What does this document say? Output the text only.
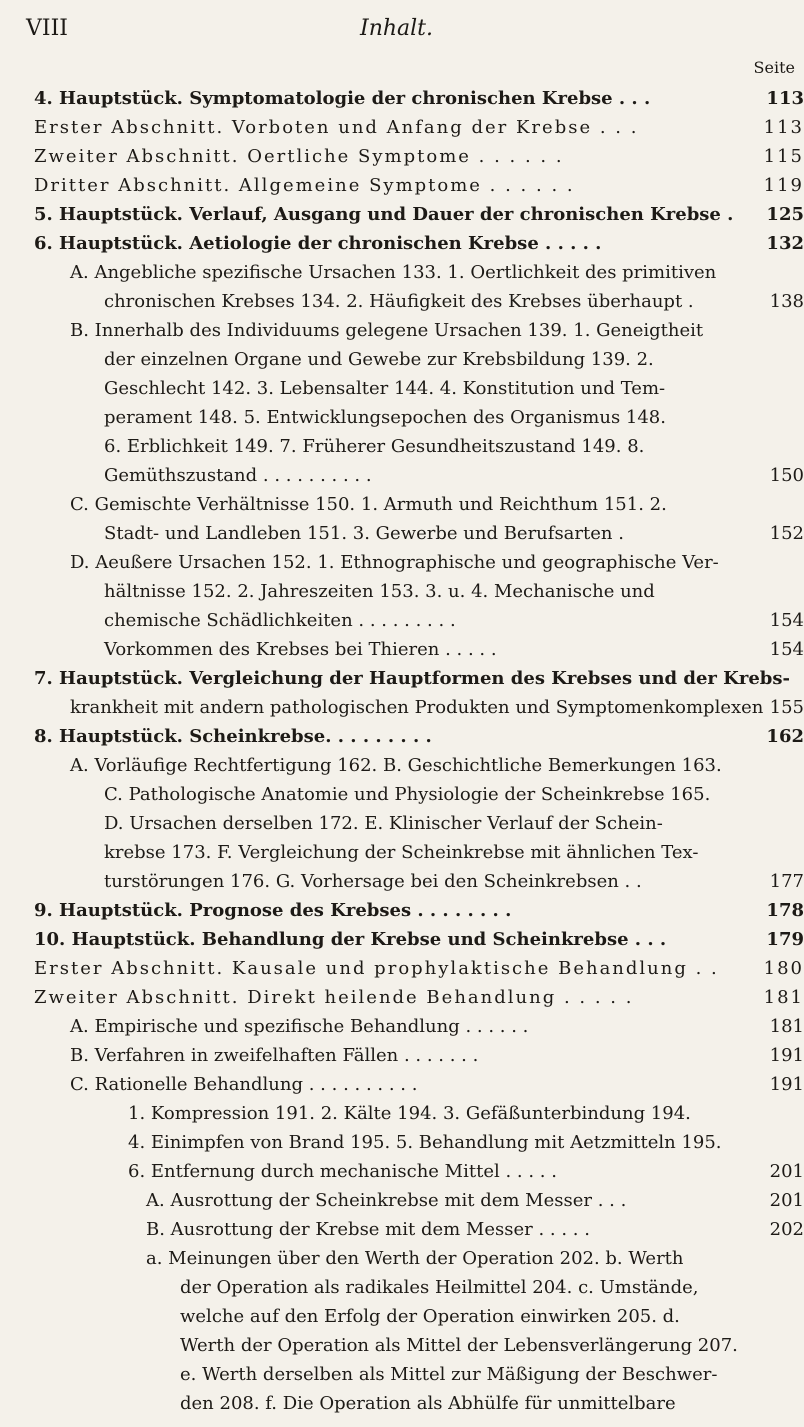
VIII	Inhalt.
Seite
4. Hauptstück. Symptomatologie der chronischen Krebse . . .	113
Erster Abschnitt. Vorboten und Anfang der Krebse . . .	113
Zweiter Abschnitt. Oertliche Symptome . . . . . .	115
Dritter Abschnitt. Allgemeine Symptome . . . . . .	119
5. Hauptstück. Verlauf, Ausgang und Dauer der chronischen Krebse .	125
6. Hauptstück. Aetiologie der chronischen Krebse . . . . .	132
A. Angebliche spezifische Ursachen 133. 1. Oertlichkeit des primitiven
chronischen Krebses 134. 2. Häufigkeit des Krebses überhaupt .	138
B. Innerhalb des Individuums gelegene Ursachen 139. 1. Geneigtheit
der einzelnen Organe und Gewebe zur Krebsbildung 139. 2.
Geschlecht 142. 3. Lebensalter 144. 4. Konstitution und Tem-
perament 148. 5. Entwicklungsepochen des Organismus 148.
6. Erblichkeit 149. 7. Früherer Gesundheitszustand 149. 8.
Gemüthszustand . . . . . . . . . .	150
C. Gemischte Verhältnisse 150. 1. Armuth und Reichthum 151. 2.
Stadt- und Landleben 151. 3. Gewerbe und Berufsarten .	152
D. Aeußere Ursachen 152. 1. Ethnographische und geographische Ver-
hältnisse 152. 2. Jahreszeiten 153. 3. u. 4. Mechanische und
chemische Schädlichkeiten . . . . . . . . .	154
Vorkommen des Krebses bei Thieren . . . . .	154
7. Hauptstück. Vergleichung der Hauptformen des Krebses und der Krebs-
krankheit mit andern pathologischen Produkten und Symptomenkomplexen 155
8. Hauptstück. Scheinkrebse. . . . . . . . .	162
A. Vorläufige Rechtfertigung 162. B. Geschichtliche Bemerkungen 163.
C. Pathologische Anatomie und Physiologie der Scheinkrebse 165.
D. Ursachen derselben 172. E. Klinischer Verlauf der Schein-
krebse 173. F. Vergleichung der Scheinkrebse mit ähnlichen Tex-
turstörungen 176. G. Vorhersage bei den Scheinkrebsen . .	177
9. Hauptstück. Prognose des Krebses . . . . . . . .	178
10. Hauptstück. Behandlung der Krebse und Scheinkrebse . . .	179
Erster Abschnitt. Kausale und prophylaktische Behandlung . .	180
Zweiter Abschnitt. Direkt heilende Behandlung . . . . .	181
A. Empirische und spezifische Behandlung . . . . . .	181
B. Verfahren in zweifelhaften Fällen . . . . . . .	191
C. Rationelle Behandlung . . . . . . . . . .	191
1. Kompression 191. 2. Kälte 194. 3. Gefäßunterbindung 194.
4. Einimpfen von Brand 195. 5. Behandlung mit Aetzmitteln 195.
6. Entfernung durch mechanische Mittel . . . . .	201
A. Ausrottung der Scheinkrebse mit dem Messer . . .	201
B. Ausrottung der Krebse mit dem Messer . . . . .	202
a. Meinungen über den Werth der Operation 202. b. Werth
der Operation als radikales Heilmittel 204. c. Umstände,
welche auf den Erfolg der Operation einwirken 205. d.
Werth der Operation als Mittel der Lebensverlängerung 207.
e. Werth derselben als Mittel zur Mäßigung der Beschwer-
den 208. f. Die Operation als Abhülfe für unmittelbare
